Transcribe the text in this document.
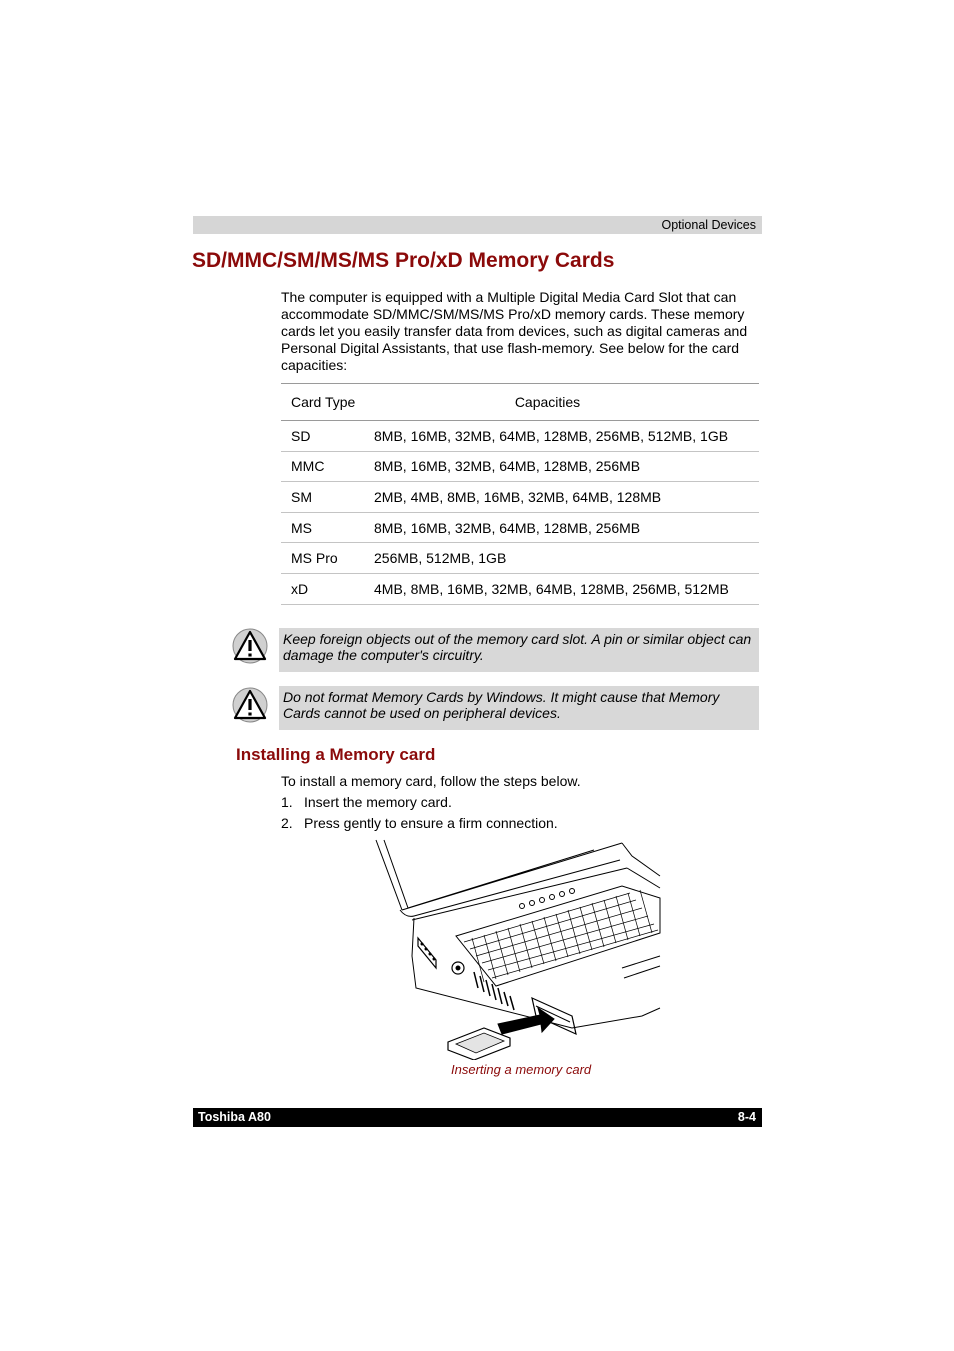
Optional Devices
SD/MMC/SM/MS/MS Pro/xD Memory Cards

The computer is equipped with a Multiple Digital Media Card Slot that can accommodate SD/MMC/SM/MS/MS Pro/xD memory cards. These memory cards let you easily transfer data from devices, such as digital cameras and Personal Digital Assistants, that use flash-memory. See below for the card capacities:

Card Type	Capacities
SD	8MB, 16MB, 32MB, 64MB, 128MB, 256MB, 512MB, 1GB
MMC	8MB, 16MB, 32MB, 64MB, 128MB, 256MB
SM	2MB, 4MB, 8MB, 16MB, 32MB, 64MB, 128MB
MS	8MB, 16MB, 32MB, 64MB, 128MB, 256MB
MS Pro	256MB, 512MB, 1GB
xD	4MB, 8MB, 16MB, 32MB, 64MB, 128MB, 256MB, 512MB

Keep foreign objects out of the memory card slot. A pin or similar object can damage the computer's circuitry.

Do not format Memory Cards by Windows. It might cause that Memory Cards cannot be used on peripheral devices.

Installing a Memory card

To install a memory card, follow the steps below.

1. Insert the memory card.

2. Press gently to ensure a firm connection.

Inserting a memory card

Toshiba A80	8-4
